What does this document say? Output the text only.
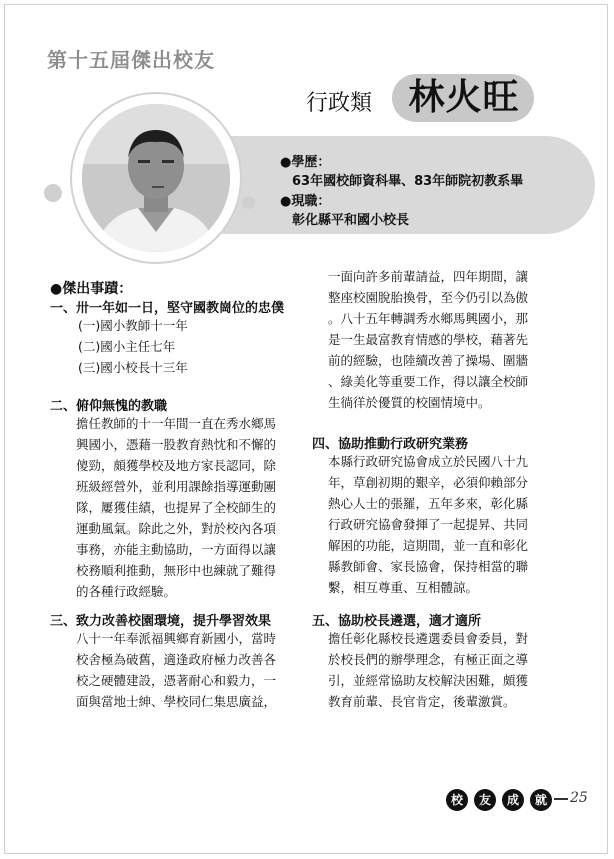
第十五屆傑出校友
行政類 林火旺
●學歷：
63年國校師資科畢、83年師院初教系畢
●現職：
彰化縣平和國小校長
●傑出事蹟：
一、卅一年如一日，堅守國教崗位的忠僕
(一)國小教師十一年
(二)國小主任七年
(三)國小校長十三年
二、俯仰無愧的教職
擔任教師的十一年間一直在秀水鄉馬
興國小，憑藉一股教育熱忱和不懈的
傻勁，頗獲學校及地方家長認同，除
班級經營外，並利用課餘指導運動團
隊，屢獲佳績，也提昇了全校師生的
運動風氣。除此之外，對於校內各項
事務，亦能主動協助，一方面得以讓
校務順利推動，無形中也練就了難得
的各種行政經驗。
三、致力改善校園環境，提升學習效果
八十一年奉派福興鄉育新國小，當時
校舍極為破舊，適逢政府極力改善各
校之硬體建設，憑著耐心和毅力，一
面與當地士紳、學校同仁集思廣益，
一面向許多前輩請益，四年期間，讓
整座校園脫胎換骨，至今仍引以為傲
。八十五年轉調秀水鄉馬興國小，那
是一生最富教育情感的學校，藉著先
前的經驗，也陸續改善了操場、圍牆
、綠美化等重要工作，得以讓全校師
生徜徉於優質的校園情境中。
四、協助推動行政研究業務
本縣行政研究協會成立於民國八十九
年，草創初期的艱辛，必須仰賴部分
熱心人士的張羅，五年多來，彰化縣
行政研究協會發揮了一起提昇、共同
解困的功能，這期間，並一直和彰化
縣教師會、家長協會，保持相當的聯
繫，相互尊重、互相體諒。
五、協助校長遴選，適才適所
擔任彰化縣校長遴選委員會委員，對
於校長們的辦學理念，有極正面之導
引，並經常協助友校解決困難，頗獲
教育前輩、長官肯定，後輩激賞。
校 友 成 就	25
